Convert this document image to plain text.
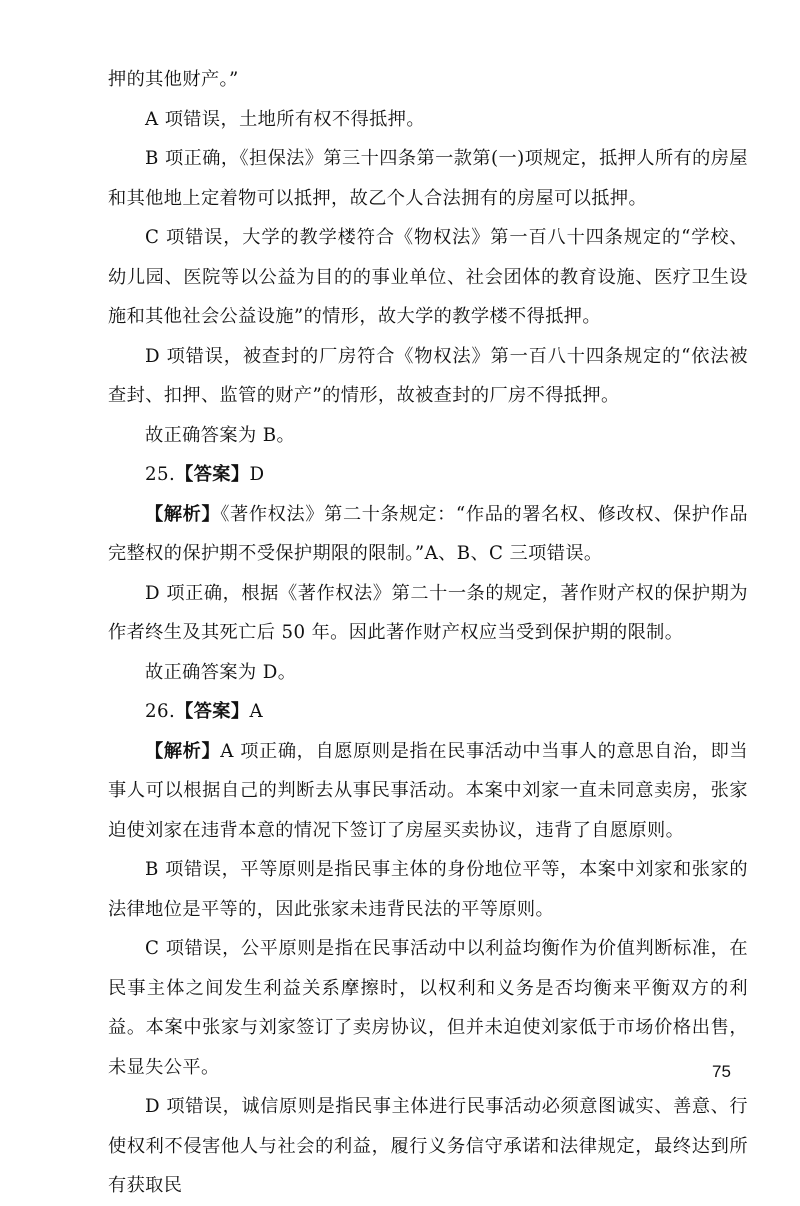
押的其他财产。”

A 项错误，土地所有权不得抵押。

B 项正确，《担保法》第三十四条第一款第(一)项规定，抵押人所有的房屋和其他地上定着物可以抵押，故乙个人合法拥有的房屋可以抵押。

C 项错误，大学的教学楼符合《物权法》第一百八十四条规定的“学校、幼儿园、医院等以公益为目的的事业单位、社会团体的教育设施、医疗卫生设施和其他社会公益设施”的情形，故大学的教学楼不得抵押。

D 项错误，被查封的厂房符合《物权法》第一百八十四条规定的“依法被查封、扣押、监管的财产”的情形，故被查封的厂房不得抵押。

故正确答案为 B。

25.【答案】D

【解析】《著作权法》第二十条规定：“作品的署名权、修改权、保护作品完整权的保护期不受保护期限的限制。”A、B、C 三项错误。

D 项正确，根据《著作权法》第二十一条的规定，著作财产权的保护期为作者终生及其死亡后 50 年。因此著作财产权应当受到保护期的限制。

故正确答案为 D。

26.【答案】A

【解析】A 项正确，自愿原则是指在民事活动中当事人的意思自治，即当事人可以根据自己的判断去从事民事活动。本案中刘家一直未同意卖房，张家迫使刘家在违背本意的情况下签订了房屋买卖协议，违背了自愿原则。

B 项错误，平等原则是指民事主体的身份地位平等，本案中刘家和张家的法律地位是平等的，因此张家未违背民法的平等原则。

C 项错误，公平原则是指在民事活动中以利益均衡作为价值判断标准，在民事主体之间发生利益关系摩擦时，以权利和义务是否均衡来平衡双方的利益。本案中张家与刘家签订了卖房协议，但并未迫使刘家低于市场价格出售，未显失公平。

D 项错误，诚信原则是指民事主体进行民事活动必须意图诚实、善意、行使权利不侵害他人与社会的利益，履行义务信守承诺和法律规定，最终达到所有获取民

75
